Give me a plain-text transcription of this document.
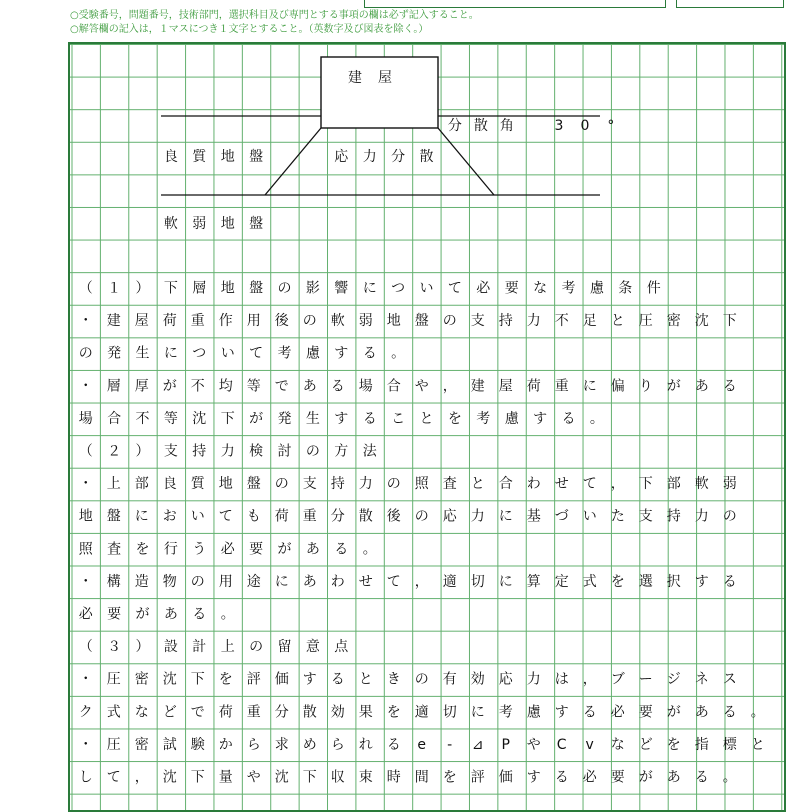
○受験番号，問題番号，技術部門，選択科目及び専門とする事項の欄は必ず記入すること。
○解答欄の記入は，１マスにつき１文字とすること。（英数字及び図表を除く。）
建屋
良質地盤	応力分散
分散角 30°
軟弱地盤
（１）下層地盤の影響について必要な考慮条件
・建屋荷重作用後の軟弱地盤の支持力不足と圧密沈下
の発生について考慮する。
・層厚が不均等である場合や，建屋荷重に偏りがある
場合不等沈下が発生することを考慮する。
（２）支持力検討の方法
・上部良質地盤の支持力の照査と合わせて，下部軟弱
地盤においても荷重分散後の応力に基づいた支持力の
照査を行う必要がある。
・構造物の用途にあわせて，適切に算定式を選択する
必要がある。
（３）設計上の留意点
・圧密沈下を評価するときの有効応力は，ブージネス
ク式などで荷重分散効果を適切に考慮する必要がある。
・圧密試験から求められるe-⊿PやCvなどを指標と
して，沈下量や沈下収束時間を評価する必要がある。
